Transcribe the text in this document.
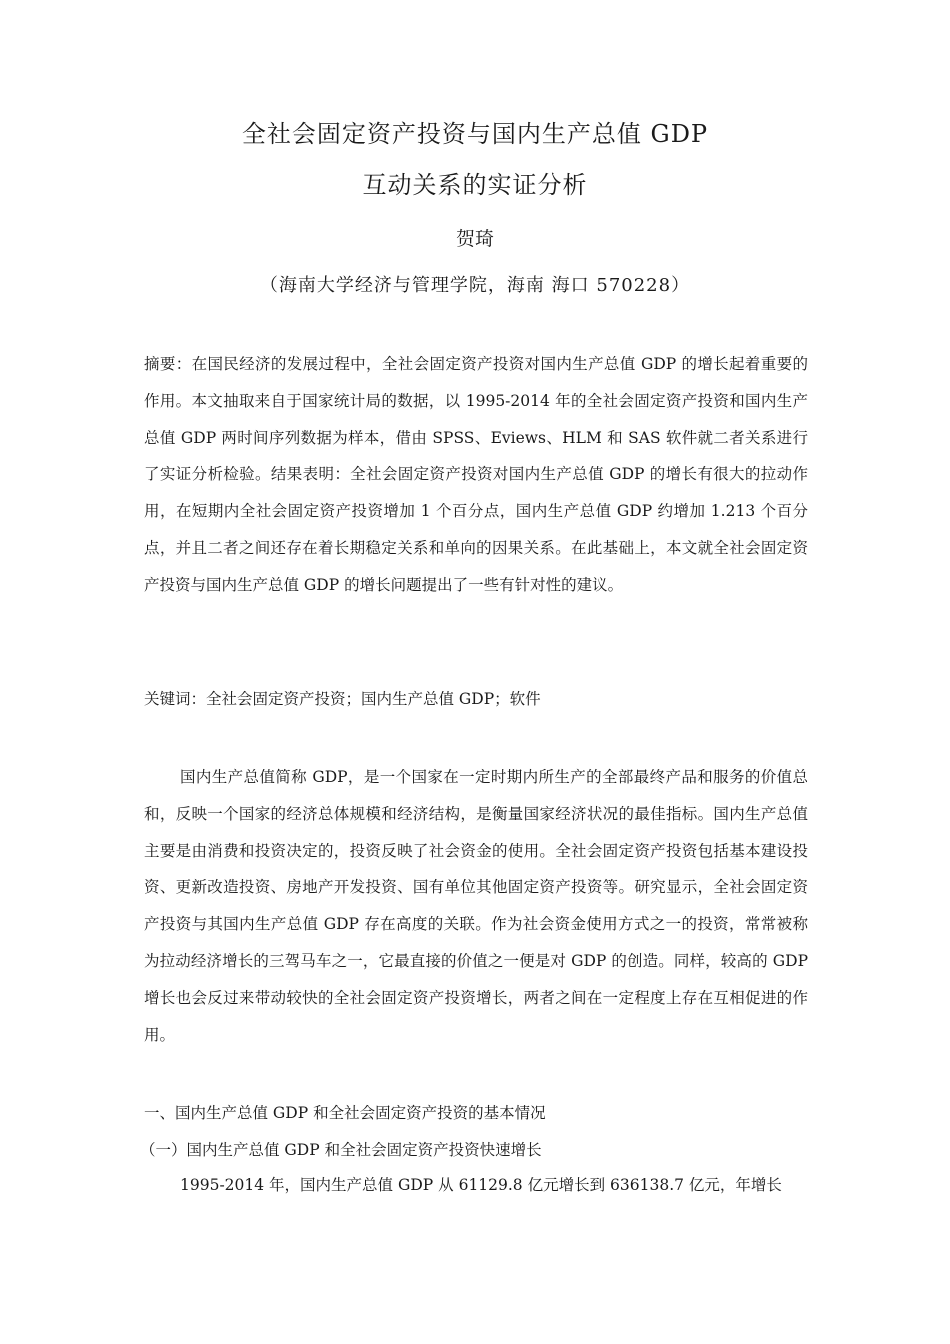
全社会固定资产投资与国内生产总值 GDP
互动关系的实证分析
贺琦
（海南大学经济与管理学院，海南 海口 570228）

摘要：在国民经济的发展过程中，全社会固定资产投资对国内生产总值 GDP 的增长起着重要的作用。本文抽取来自于国家统计局的数据，以 1995-2014 年的全社会固定资产投资和国内生产总值 GDP 两时间序列数据为样本，借由 SPSS、Eviews、HLM 和 SAS 软件就二者关系进行了实证分析检验。结果表明：全社会固定资产投资对国内生产总值 GDP 的增长有很大的拉动作用，在短期内全社会固定资产投资增加 1 个百分点，国内生产总值 GDP 约增加 1.213 个百分点，并且二者之间还存在着长期稳定关系和单向的因果关系。在此基础上，本文就全社会固定资产投资与国内生产总值 GDP 的增长问题提出了一些有针对性的建议。

关键词：全社会固定资产投资；国内生产总值 GDP；软件

国内生产总值简称 GDP，是一个国家在一定时期内所生产的全部最终产品和服务的价值总和，反映一个国家的经济总体规模和经济结构，是衡量国家经济状况的最佳指标。国内生产总值主要是由消费和投资决定的，投资反映了社会资金的使用。全社会固定资产投资包括基本建设投资、更新改造投资、房地产开发投资、国有单位其他固定资产投资等。研究显示，全社会固定资产投资与其国内生产总值 GDP 存在高度的关联。作为社会资金使用方式之一的投资，常常被称为拉动经济增长的三驾马车之一，它最直接的价值之一便是对 GDP 的创造。同样，较高的 GDP 增长也会反过来带动较快的全社会固定资产投资增长，两者之间在一定程度上存在互相促进的作用。

一、国内生产总值 GDP 和全社会固定资产投资的基本情况
（一）国内生产总值 GDP 和全社会固定资产投资快速增长
1995-2014 年，国内生产总值 GDP 从 61129.8 亿元增长到 636138.7 亿元，年增长
